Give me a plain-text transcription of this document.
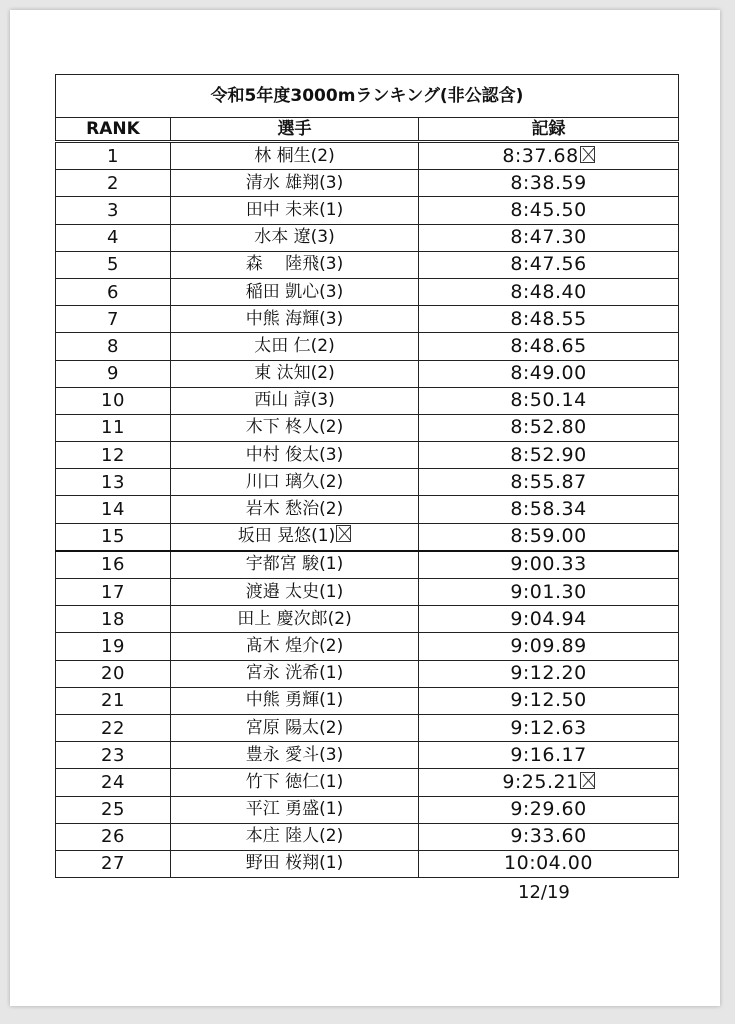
令和5年度3000mランキング(非公認含)		
RANK	選手	記録
1	林 桐生(2)	8:37.68
2	清水 雄翔(3)	8:38.59
3	田中 未来(1)	8:45.50
4	水本 遼(3)	8:47.30
5	森　 陸飛(3)	8:47.56
6	稲田 凱心(3)	8:48.40
7	中熊 海輝(3)	8:48.55
8	太田 仁(2)	8:48.65
9	東 汰知(2)	8:49.00
10	西山 諄(3)	8:50.14
11	木下 柊人(2)	8:52.80
12	中村 俊太(3)	8:52.90
13	川口 璃久(2)	8:55.87
14	岩木 愁治(2)	8:58.34
15	坂田 晃悠(1)	8:59.00
16	宇都宮 駿(1)	9:00.33
17	渡邉 太史(1)	9:01.30
18	田上 慶次郎(2)	9:04.94
19	髙木 煌介(2)	9:09.89
20	宮永 洸希(1)	9:12.20
21	中熊 勇輝(1)	9:12.50
22	宮原 陽太(2)	9:12.63
23	豊永 愛斗(3)	9:16.17
24	竹下 徳仁(1)	9:25.21
25	平江 勇盛(1)	9:29.60
26	本庄 陸人(2)	9:33.60
27	野田 桜翔(1)	10:04.00
12/19
